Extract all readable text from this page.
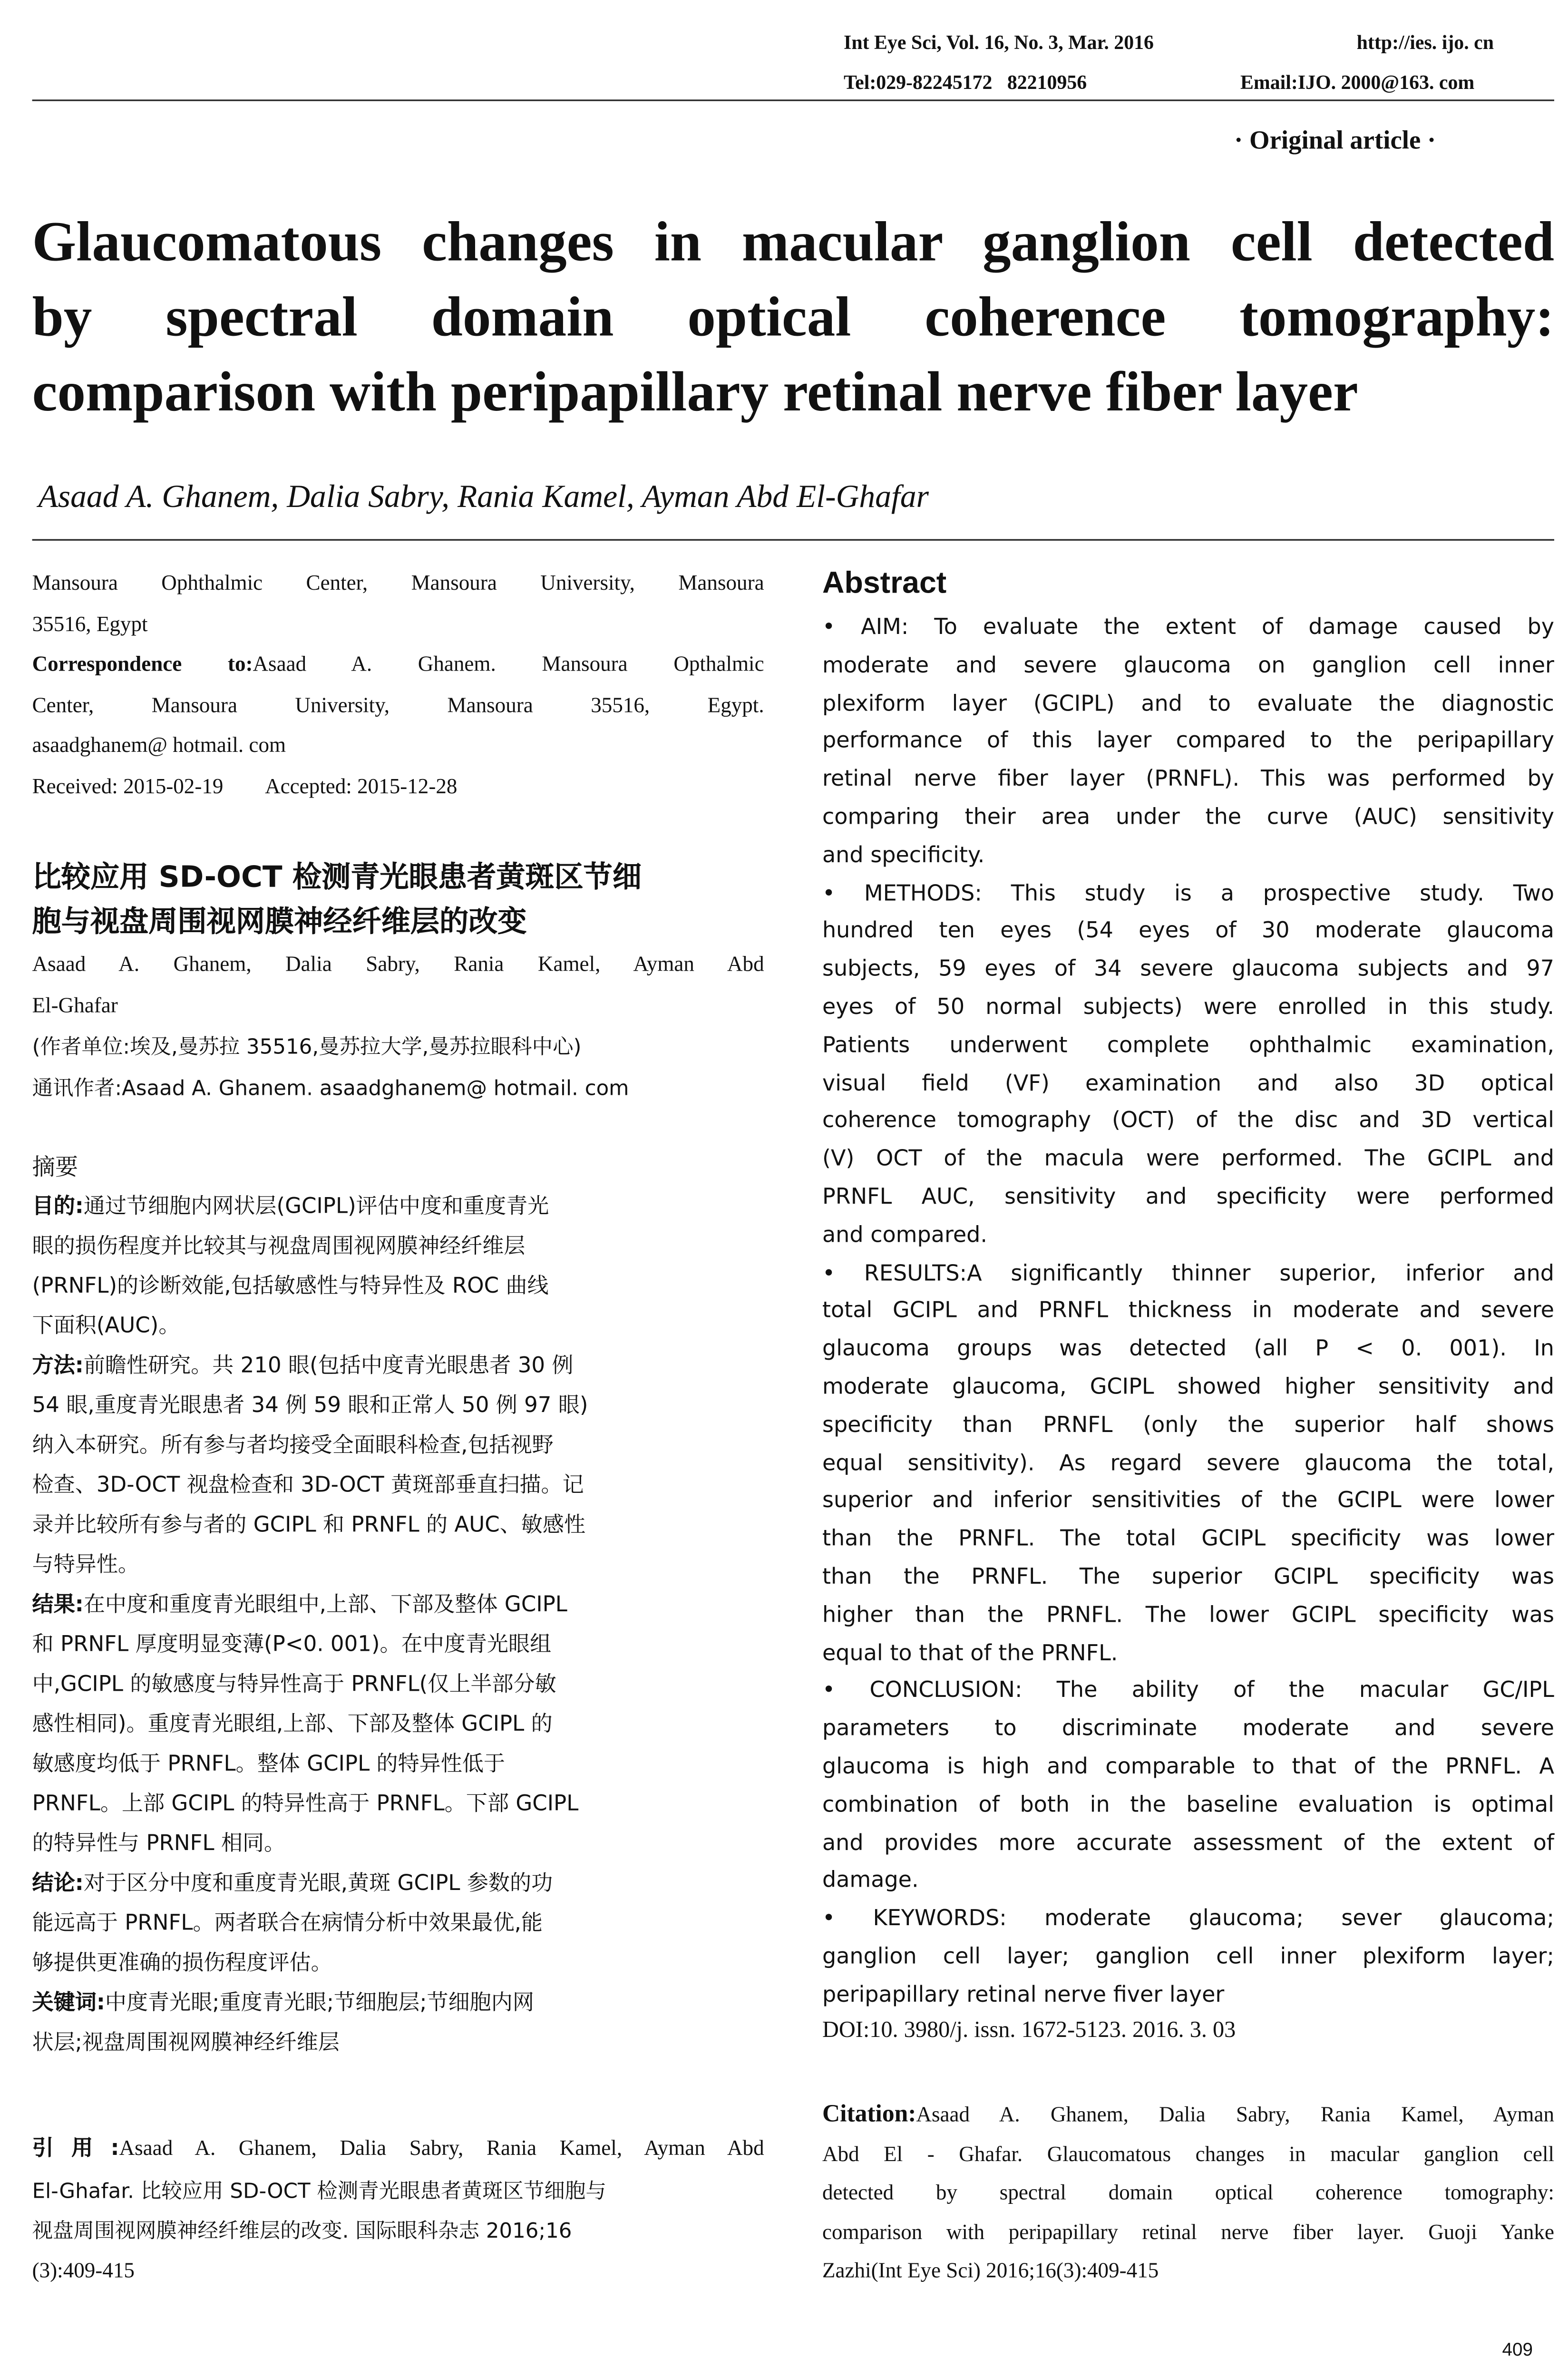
Int Eye Sci, Vol. 16, No. 3, Mar. 2016	http://ies. ijo. cn
Tel:029-82245172   82210956	Email:IJO. 2000@163. com
· Original article ·
Glaucomatous changes in macular ganglion cell detected
by spectral domain optical coherence tomography:
comparison with peripapillary retinal nerve fiber layer
Asaad A. Ghanem, Dalia Sabry, Rania Kamel, Ayman Abd El-Ghafar
Mansoura Ophthalmic Center, Mansoura University, Mansoura
35516, Egypt
Correspondence to:Asaad A. Ghanem. Mansoura Opthalmic
Center, Mansoura University, Mansoura 35516, Egypt.
asaadghanem@ hotmail. com
Received: 2015-02-19	Accepted: 2015-12-28
比较应用 SD-OCT 检测青光眼患者黄斑区节细
胞与视盘周围视网膜神经纤维层的改变
Asaad A. Ghanem, Dalia Sabry, Rania Kamel, Ayman Abd
El-Ghafar
(作者单位:埃及,曼苏拉 35516,曼苏拉大学,曼苏拉眼科中心)
通讯作者:Asaad A. Ghanem. asaadghanem@ hotmail. com
摘要
目的:通过节细胞内网状层(GCIPL)评估中度和重度青光
眼的损伤程度并比较其与视盘周围视网膜神经纤维层
(PRNFL)的诊断效能,包括敏感性与特异性及 ROC 曲线
下面积(AUC)。
方法:前瞻性研究。共 210 眼(包括中度青光眼患者 30 例
54 眼,重度青光眼患者 34 例 59 眼和正常人 50 例 97 眼)
纳入本研究。所有参与者均接受全面眼科检查,包括视野
检查、3D-OCT 视盘检查和 3D-OCT 黄斑部垂直扫描。记
录并比较所有参与者的 GCIPL 和 PRNFL 的 AUC、敏感性
与特异性。
结果:在中度和重度青光眼组中,上部、下部及整体 GCIPL
和 PRNFL 厚度明显变薄(P<0. 001)。在中度青光眼组
中,GCIPL 的敏感度与特异性高于 PRNFL(仅上半部分敏
感性相同)。重度青光眼组,上部、下部及整体 GCIPL 的
敏感度均低于 PRNFL。整体 GCIPL 的特异性低于
PRNFL。上部 GCIPL 的特异性高于 PRNFL。下部 GCIPL
的特异性与 PRNFL 相同。
结论:对于区分中度和重度青光眼,黄斑 GCIPL 参数的功
能远高于 PRNFL。两者联合在病情分析中效果最优,能
够提供更准确的损伤程度评估。
关键词:中度青光眼;重度青光眼;节细胞层;节细胞内网
状层;视盘周围视网膜神经纤维层
引用:Asaad A. Ghanem, Dalia Sabry, Rania Kamel, Ayman Abd
El-Ghafar. 比较应用 SD-OCT 检测青光眼患者黄斑区节细胞与
视盘周围视网膜神经纤维层的改变. 国际眼科杂志 2016;16
(3):409-415
Abstract
• AIM: To evaluate the extent of damage caused by
moderate and severe glaucoma on ganglion cell inner
plexiform layer (GCIPL) and to evaluate the diagnostic
performance of this layer compared to the peripapillary
retinal nerve fiber layer (PRNFL). This was performed by
comparing their area under the curve (AUC) sensitivity
and specificity.
• METHODS: This study is a prospective study. Two
hundred ten eyes (54 eyes of 30 moderate glaucoma
subjects, 59 eyes of 34 severe glaucoma subjects and 97
eyes of 50 normal subjects) were enrolled in this study.
Patients underwent complete ophthalmic examination,
visual field (VF) examination and also 3D optical
coherence tomography (OCT) of the disc and 3D vertical
(V) OCT of the macula were performed. The GCIPL and
PRNFL AUC, sensitivity and specificity were performed
and compared.
• RESULTS:A significantly thinner superior, inferior and
total GCIPL and PRNFL thickness in moderate and severe
glaucoma groups was detected (all P < 0. 001). In
moderate glaucoma, GCIPL showed higher sensitivity and
specificity than PRNFL (only the superior half shows
equal sensitivity). As regard severe glaucoma the total,
superior and inferior sensitivities of the GCIPL were lower
than the PRNFL. The total GCIPL specificity was lower
than the PRNFL. The superior GCIPL specificity was
higher than the PRNFL. The lower GCIPL specificity was
equal to that of the PRNFL.
• CONCLUSION: The ability of the macular GC/IPL
parameters to discriminate moderate and severe
glaucoma is high and comparable to that of the PRNFL. A
combination of both in the baseline evaluation is optimal
and provides more accurate assessment of the extent of
damage.
• KEYWORDS: moderate glaucoma; sever glaucoma;
ganglion cell layer; ganglion cell inner plexiform layer;
peripapillary retinal nerve fiver layer
DOI:10. 3980/j. issn. 1672-5123. 2016. 3. 03
Citation:Asaad A. Ghanem, Dalia Sabry, Rania Kamel, Ayman
Abd El - Ghafar. Glaucomatous changes in macular ganglion cell
detected by spectral domain optical coherence tomography:
comparison with peripapillary retinal nerve fiber layer. Guoji Yanke
Zazhi(Int Eye Sci) 2016;16(3):409-415
409
